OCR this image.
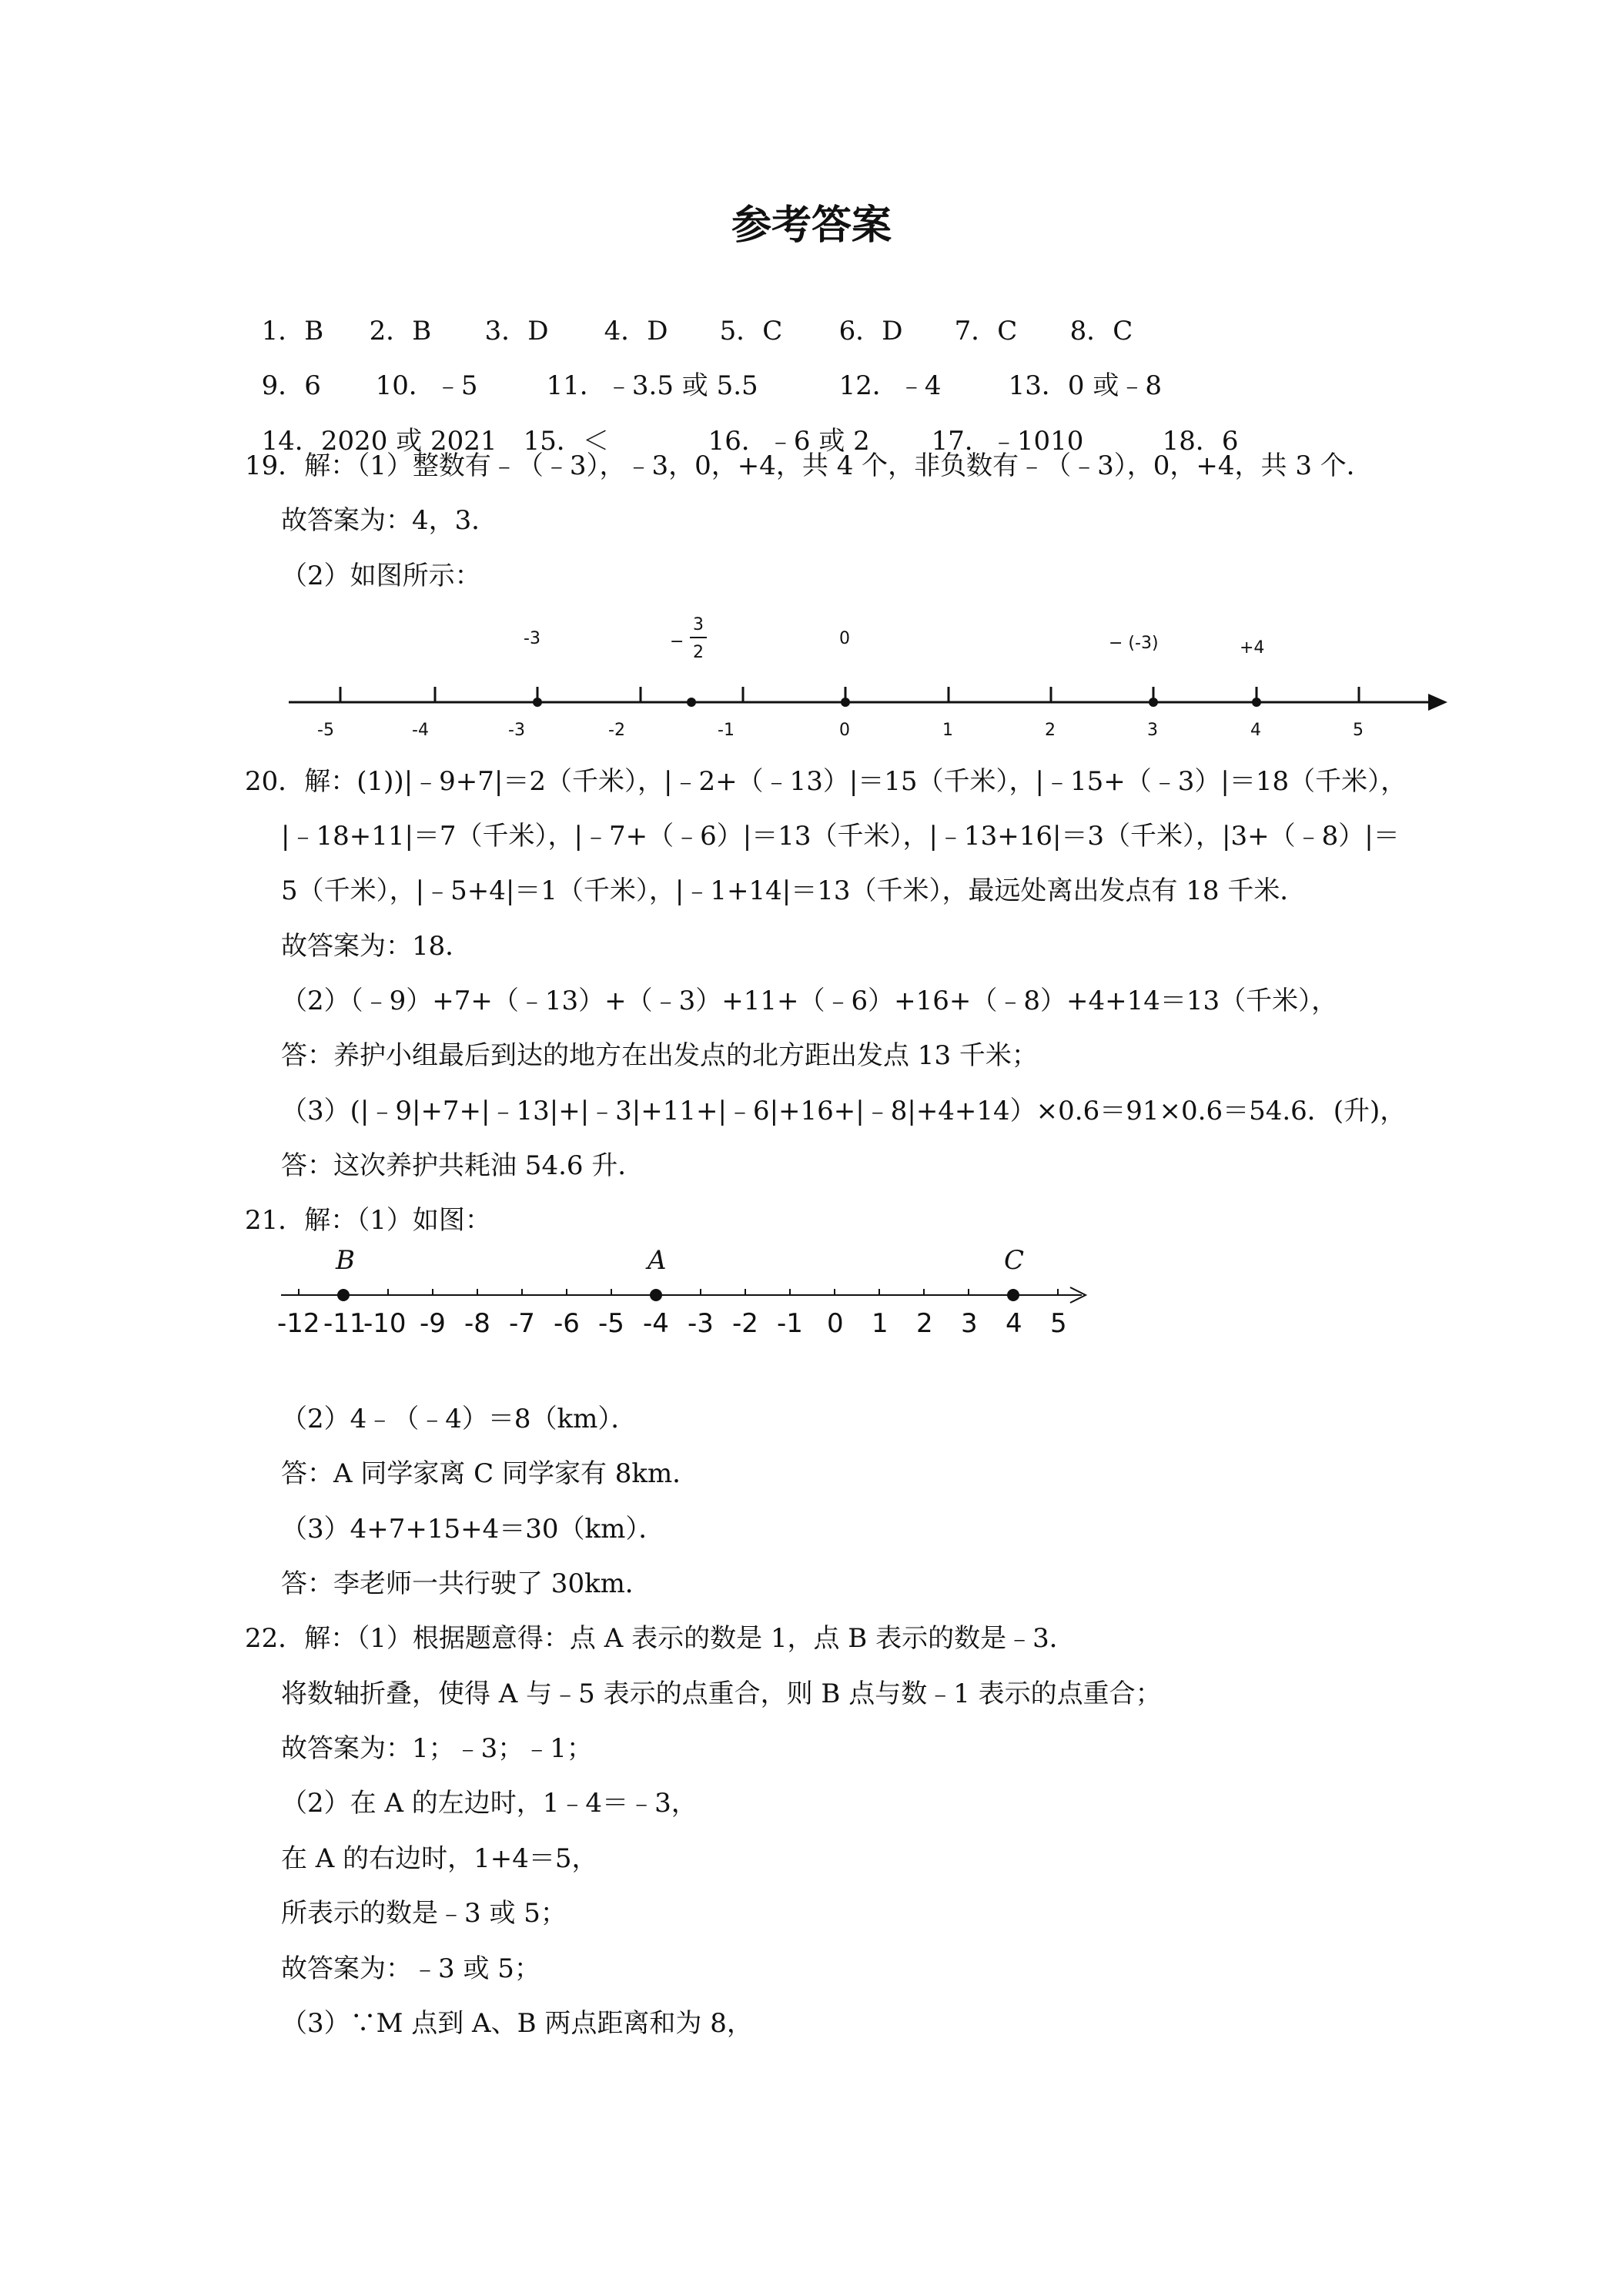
参考答案

1．B 2．B 3．D 4．D 5．C 6．D 7．C 8．C

9．6 10．﹣5	11．﹣3.5 或 5.5	12．﹣4	13．0 或﹣8

14．2020 或 2021 15．＜	16．﹣6 或 2 17．﹣1010	18．6

19．解：（1）整数有﹣（﹣3），﹣3，0，+4，共 4 个，非负数有﹣（﹣3），0，+4，共 3 个．
故答案为：4，3．
（2）如图所示：
-5	-4	-3	-2	-1	0	1	2	3	4	5
-3	−
3
2
0	− (-3)	+4
20．解：(1))|﹣9+7|＝2（千米），|﹣2+（﹣13）|＝15（千米），|﹣15+（﹣3）|＝18（千米），
|﹣18+11|＝7（千米），|﹣7+（﹣6）|＝13（千米），|﹣13+16|＝3（千米），|3+（﹣8）|＝
5（千米），|﹣5+4|＝1（千米），|﹣1+14|＝13（千米），最远处离出发点有 18 千米．
故答案为：18．
（2）（﹣9）+7+（﹣13）+（﹣3）+11+（﹣6）+16+（﹣8）+4+14＝13（千米），
答：养护小组最后到达的地方在出发点的北方距出发点 13 千米；
（3）(|﹣9|+7+|﹣13|+|﹣3|+11+|﹣6|+16+|﹣8|+4+14）×0.6＝91×0.6＝54.6．(升)，
答：这次养护共耗油 54.6 升．
21．解：（1）如图：
-12 -11
-10 -9 -8 -7 -6 -5 -4 -3 -2 -1 0 1 2 3 4 5
B	A	C
（2）4﹣（﹣4）＝8（km）．
答：A 同学家离 C 同学家有 8km．
（3）4+7+15+4＝30（km）．
答：李老师一共行驶了 30km．
22．解：（1）根据题意得：点 A 表示的数是 1，点 B 表示的数是﹣3．
将数轴折叠，使得 A 与﹣5 表示的点重合，则 B 点与数﹣1 表示的点重合；
故答案为：1；﹣3；﹣1；
（2）在 A 的左边时，1﹣4＝﹣3，
在 A 的右边时，1+4＝5，
所表示的数是﹣3 或 5；
故答案为：﹣3 或 5；
（3）∵M 点到 A、B 两点距离和为 8，
